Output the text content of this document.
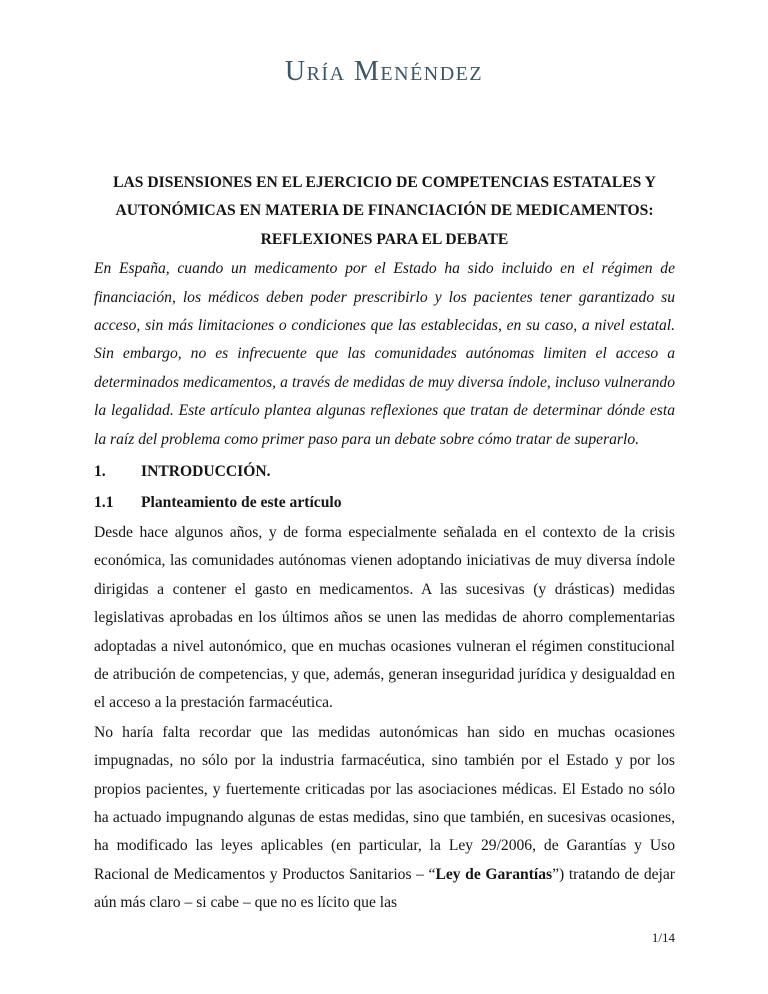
Uría Menéndez
LAS DISENSIONES EN EL EJERCICIO DE COMPETENCIAS ESTATALES Y
AUTONÓMICAS EN MATERIA DE FINANCIACIÓN DE MEDICAMENTOS:
REFLEXIONES PARA EL DEBATE

En España, cuando un medicamento por el Estado ha sido incluido en el régimen de financiación, los médicos deben poder prescribirlo y los pacientes tener garantizado su acceso, sin más limitaciones o condiciones que las establecidas, en su caso, a nivel estatal. Sin embargo, no es infrecuente que las comunidades autónomas limiten el acceso a determinados medicamentos, a través de medidas de muy diversa índole, incluso vulnerando la legalidad. Este artículo plantea algunas reflexiones que tratan de determinar dónde esta la raíz del problema como primer paso para un debate sobre cómo tratar de superarlo.

1. INTRODUCCIÓN.
1.1 Planteamiento de este artículo

Desde hace algunos años, y de forma especialmente señalada en el contexto de la crisis económica, las comunidades autónomas vienen adoptando iniciativas de muy diversa índole dirigidas a contener el gasto en medicamentos. A las sucesivas (y drásticas) medidas legislativas aprobadas en los últimos años se unen las medidas de ahorro complementarias adoptadas a nivel autonómico, que en muchas ocasiones vulneran el régimen constitucional de atribución de competencias, y que, además, generan inseguridad jurídica y desigualdad en el acceso a la prestación farmacéutica.

No haría falta recordar que las medidas autonómicas han sido en muchas ocasiones impugnadas, no sólo por la industria farmacéutica, sino también por el Estado y por los propios pacientes, y fuertemente criticadas por las asociaciones médicas. El Estado no sólo ha actuado impugnando algunas de estas medidas, sino que también, en sucesivas ocasiones, ha modificado las leyes aplicables (en particular, la Ley 29/2006, de Garantías y Uso Racional de Medicamentos y Productos Sanitarios – “Ley de Garantías”) tratando de dejar aún más claro – si cabe – que no es lícito que las

1/14
